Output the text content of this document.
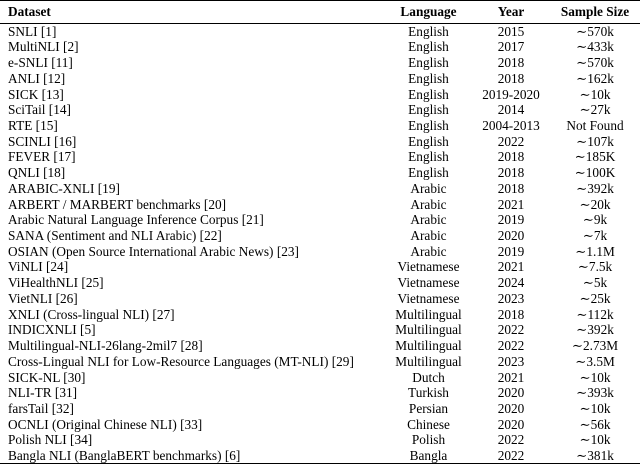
Dataset	Language	Year	Sample Size
SNLI [1]	English	2015	∼570k
MultiNLI [2]	English	2017	∼433k
e-SNLI [11]	English	2018	∼570k
ANLI [12]	English	2018	∼162k
SICK [13]	English	2019-2020	∼10k
SciTail [14]	English	2014	∼27k
RTE [15]	English	2004-2013	Not Found
SCINLI [16]	English	2022	∼107k
FEVER [17]	English	2018	∼185K
QNLI [18]	English	2018	∼100K
ARABIC-XNLI [19]	Arabic	2018	∼392k
ARBERT / MARBERT benchmarks [20]	Arabic	2021	∼20k
Arabic Natural Language Inference Corpus [21]	Arabic	2019	∼9k
SANA (Sentiment and NLI Arabic) [22]	Arabic	2020	∼7k
OSIAN (Open Source International Arabic News) [23]	Arabic	2019	∼1.1M
ViNLI [24]	Vietnamese	2021	∼7.5k
ViHealthNLI [25]	Vietnamese	2024	∼5k
VietNLI [26]	Vietnamese	2023	∼25k
XNLI (Cross-lingual NLI) [27]	Multilingual	2018	∼112k
INDICXNLI [5]	Multilingual	2022	∼392k
Multilingual-NLI-26lang-2mil7 [28]	Multilingual	2022	∼2.73M
Cross-Lingual NLI for Low-Resource Languages (MT-NLI) [29]	Multilingual	2023	∼3.5M
SICK-NL [30]	Dutch	2021	∼10k
NLI-TR [31]	Turkish	2020	∼393k
farsTail [32]	Persian	2020	∼10k
OCNLI (Original Chinese NLI) [33]	Chinese	2020	∼56k
Polish NLI [34]	Polish	2022	∼10k
Bangla NLI (BanglaBERT benchmarks) [6]	Bangla	2022	∼381k
